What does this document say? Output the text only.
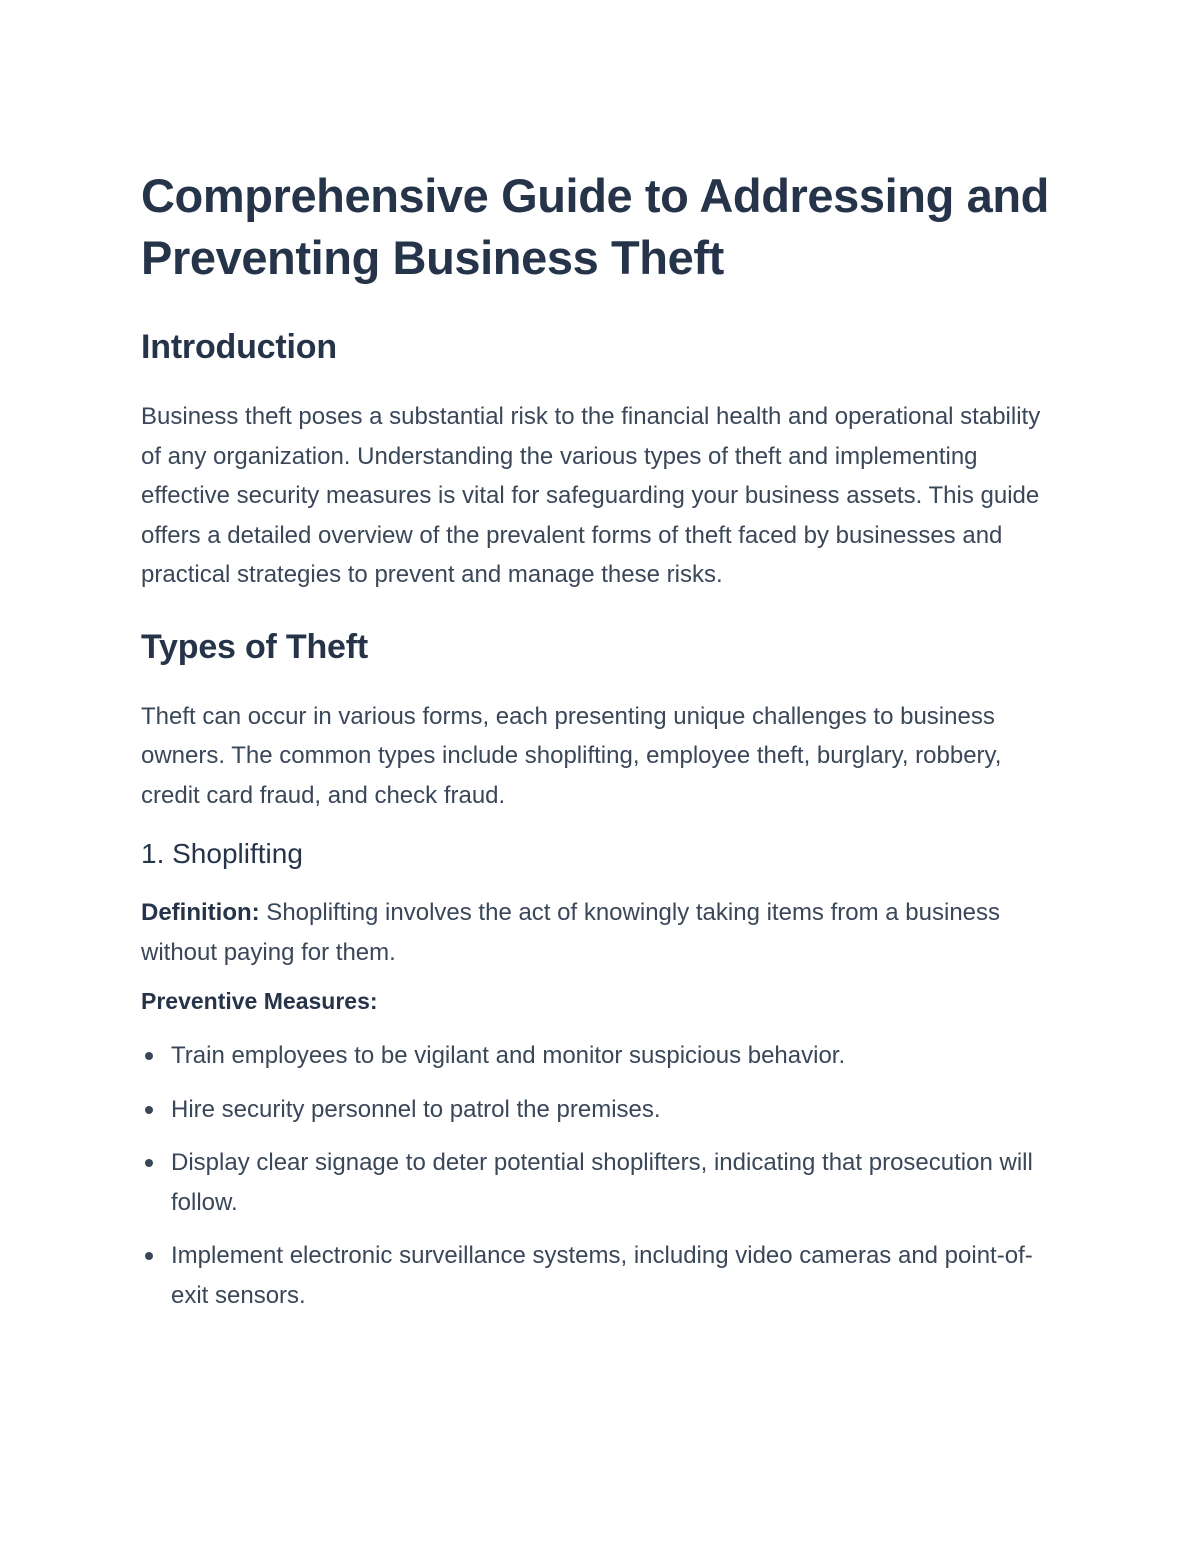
Comprehensive Guide to Addressing and Preventing Business Theft
Introduction

Business theft poses a substantial risk to the financial health and operational stability of any organization. Understanding the various types of theft and implementing effective security measures is vital for safeguarding your business assets. This guide offers a detailed overview of the prevalent forms of theft faced by businesses and practical strategies to prevent and manage these risks.

Types of Theft

Theft can occur in various forms, each presenting unique challenges to business owners. The common types include shoplifting, employee theft, burglary, robbery, credit card fraud, and check fraud.

1. Shoplifting

Definition: Shoplifting involves the act of knowingly taking items from a business without paying for them.

Preventive Measures:
Train employees to be vigilant and monitor suspicious behavior.
Hire security personnel to patrol the premises.
Display clear signage to deter potential shoplifters, indicating that prosecution will follow.
Implement electronic surveillance systems, including video cameras and point-of-exit sensors.
